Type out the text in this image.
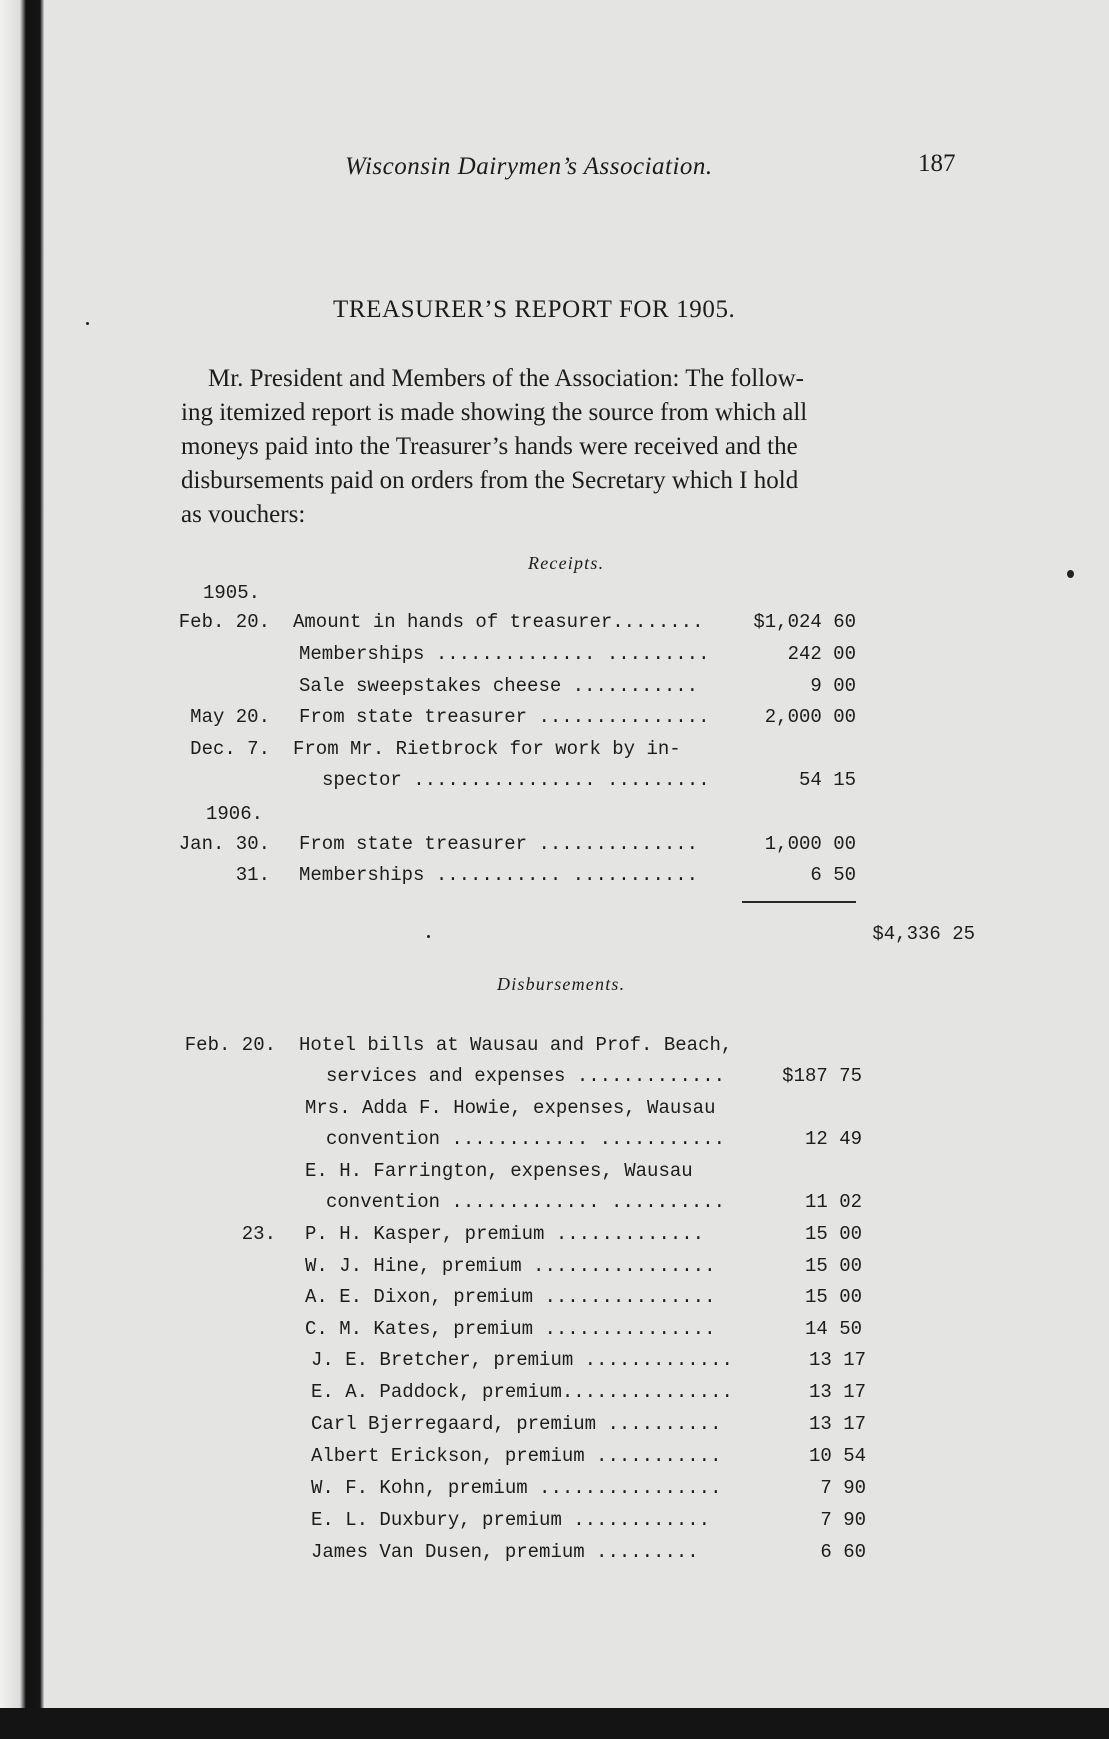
Wisconsin Dairymen’s Association.	187
TREASURER’S REPORT FOR 1905.
Mr. President and Members of the Association: The follow-
ing itemized report is made showing the source from which all
moneys paid into the Treasurer’s hands were received and the
disbursements paid on orders from the Secretary which I hold
as vouchers:
Receipts.
1905.
Feb. 20. Amount in hands of treasurer........	$1,024 60
Memberships .............. .........	242 00
Sale sweepstakes cheese ...........	9 00
May 20. From state treasurer ...............	2,000 00
Dec. 7. From Mr. Rietbrock for work by in-
spector ................ .........	54 15
1906.
Jan. 30. From state treasurer ..............	1,000 00
31. Memberships ........... ...........	6 50
$4,336 25
Disbursements.
Feb. 20. Hotel bills at Wausau and Prof. Beach,
services and expenses .............	$187 75
Mrs. Adda F. Howie, expenses, Wausau
convention ............ ...........	12 49
E. H. Farrington, expenses, Wausau
convention ............. ..........	11 02
23. P. H. Kasper, premium .............	15 00
W. J. Hine, premium ................	15 00
A. E. Dixon, premium ...............	15 00
C. M. Kates, premium ...............	14 50
J. E. Bretcher, premium .............	13 17
E. A. Paddock, premium...............	13 17
Carl Bjerregaard, premium ..........	13 17
Albert Erickson, premium ...........	10 54
W. F. Kohn, premium ................	7 90
E. L. Duxbury, premium ............	7 90
James Van Dusen, premium .........	6 60
